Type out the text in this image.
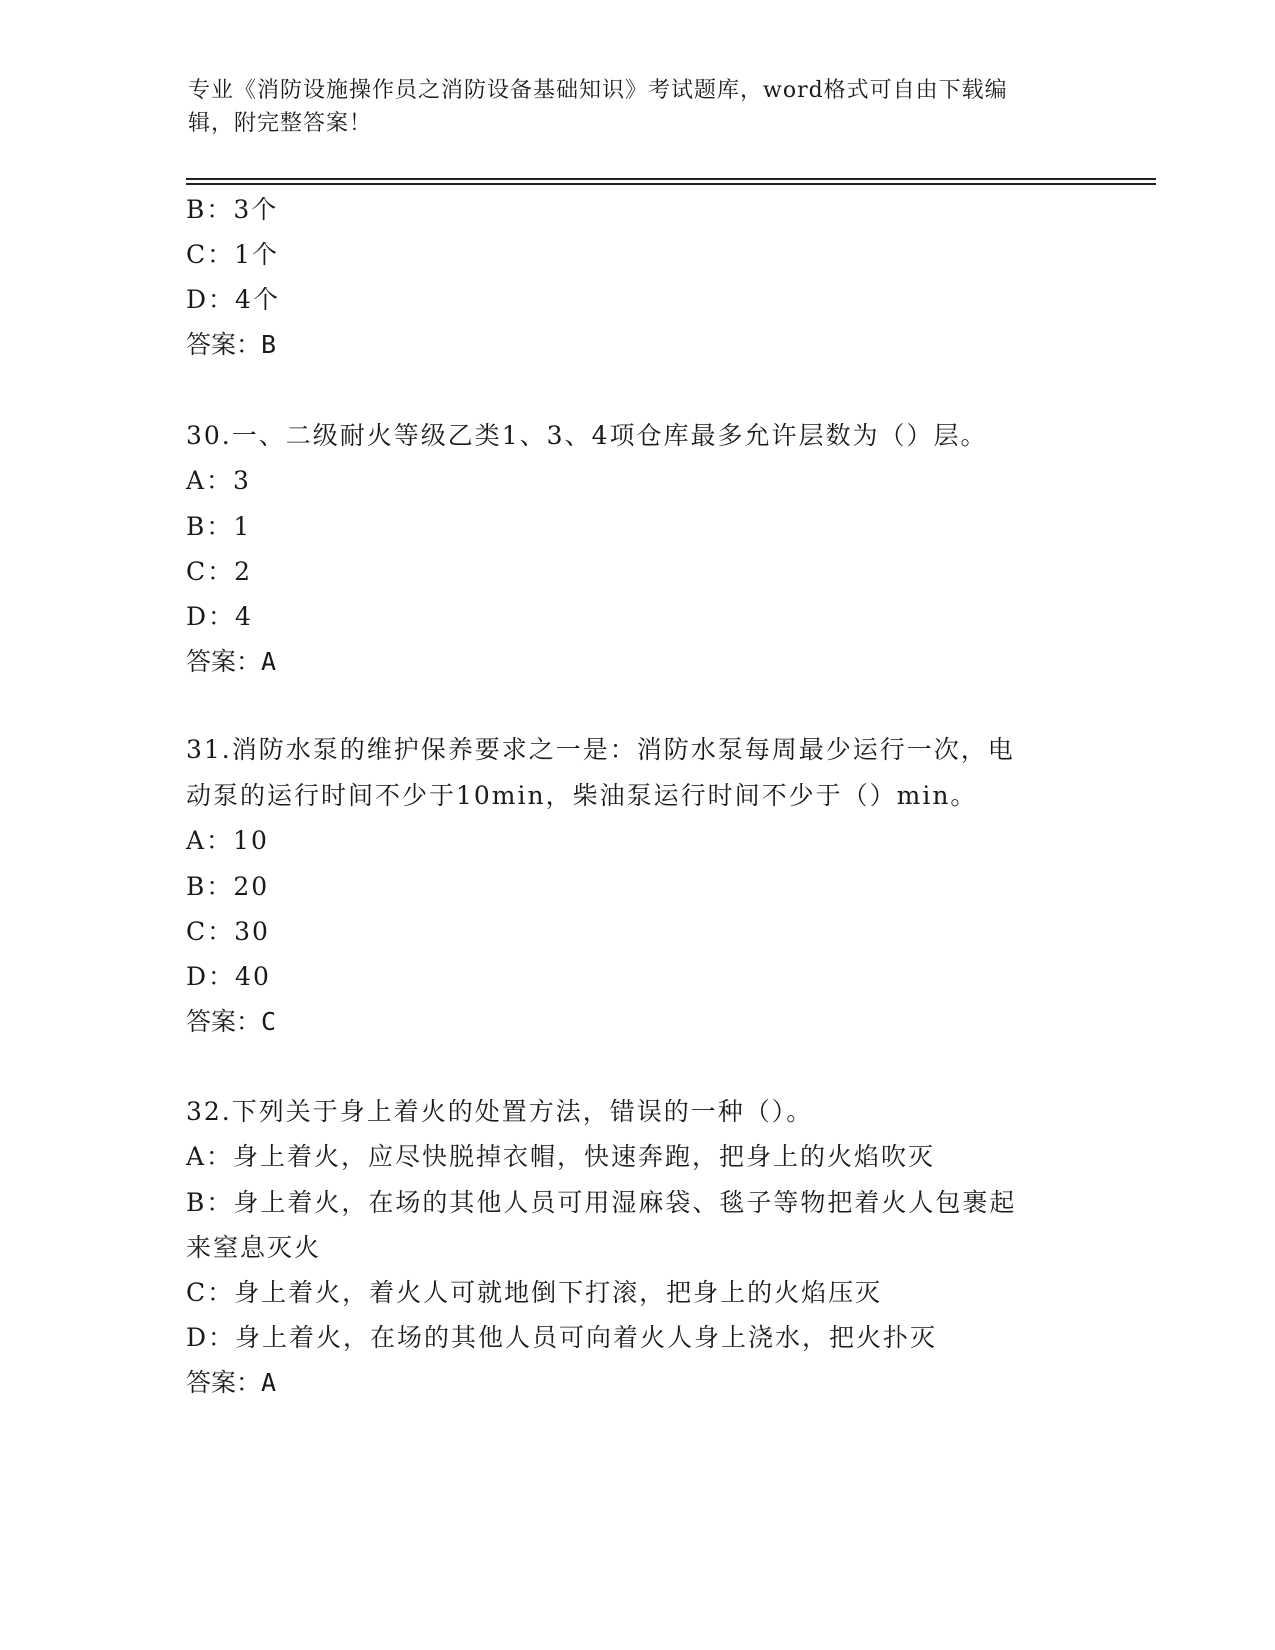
专业《消防设施操作员之消防设备基础知识》考试题库，word格式可自由下载编
辑，附完整答案！
B：3个
C：1个
D：4个
答案：B
30.一、二级耐火等级乙类1、3、4项仓库最多允许层数为（）层。
A：3
B：1
C：2
D：4
答案：A
31.消防水泵的维护保养要求之一是：消防水泵每周最少运行一次，电
动泵的运行时间不少于10min，柴油泵运行时间不少于（）min。
A：10
B：20
C：30
D：40
答案：C
32.下列关于身上着火的处置方法，错误的一种（）。
A：身上着火，应尽快脱掉衣帽，快速奔跑，把身上的火焰吹灭
B：身上着火，在场的其他人员可用湿麻袋、毯子等物把着火人包裹起
来窒息灭火
C：身上着火，着火人可就地倒下打滚，把身上的火焰压灭
D：身上着火，在场的其他人员可向着火人身上浇水，把火扑灭
答案：A
